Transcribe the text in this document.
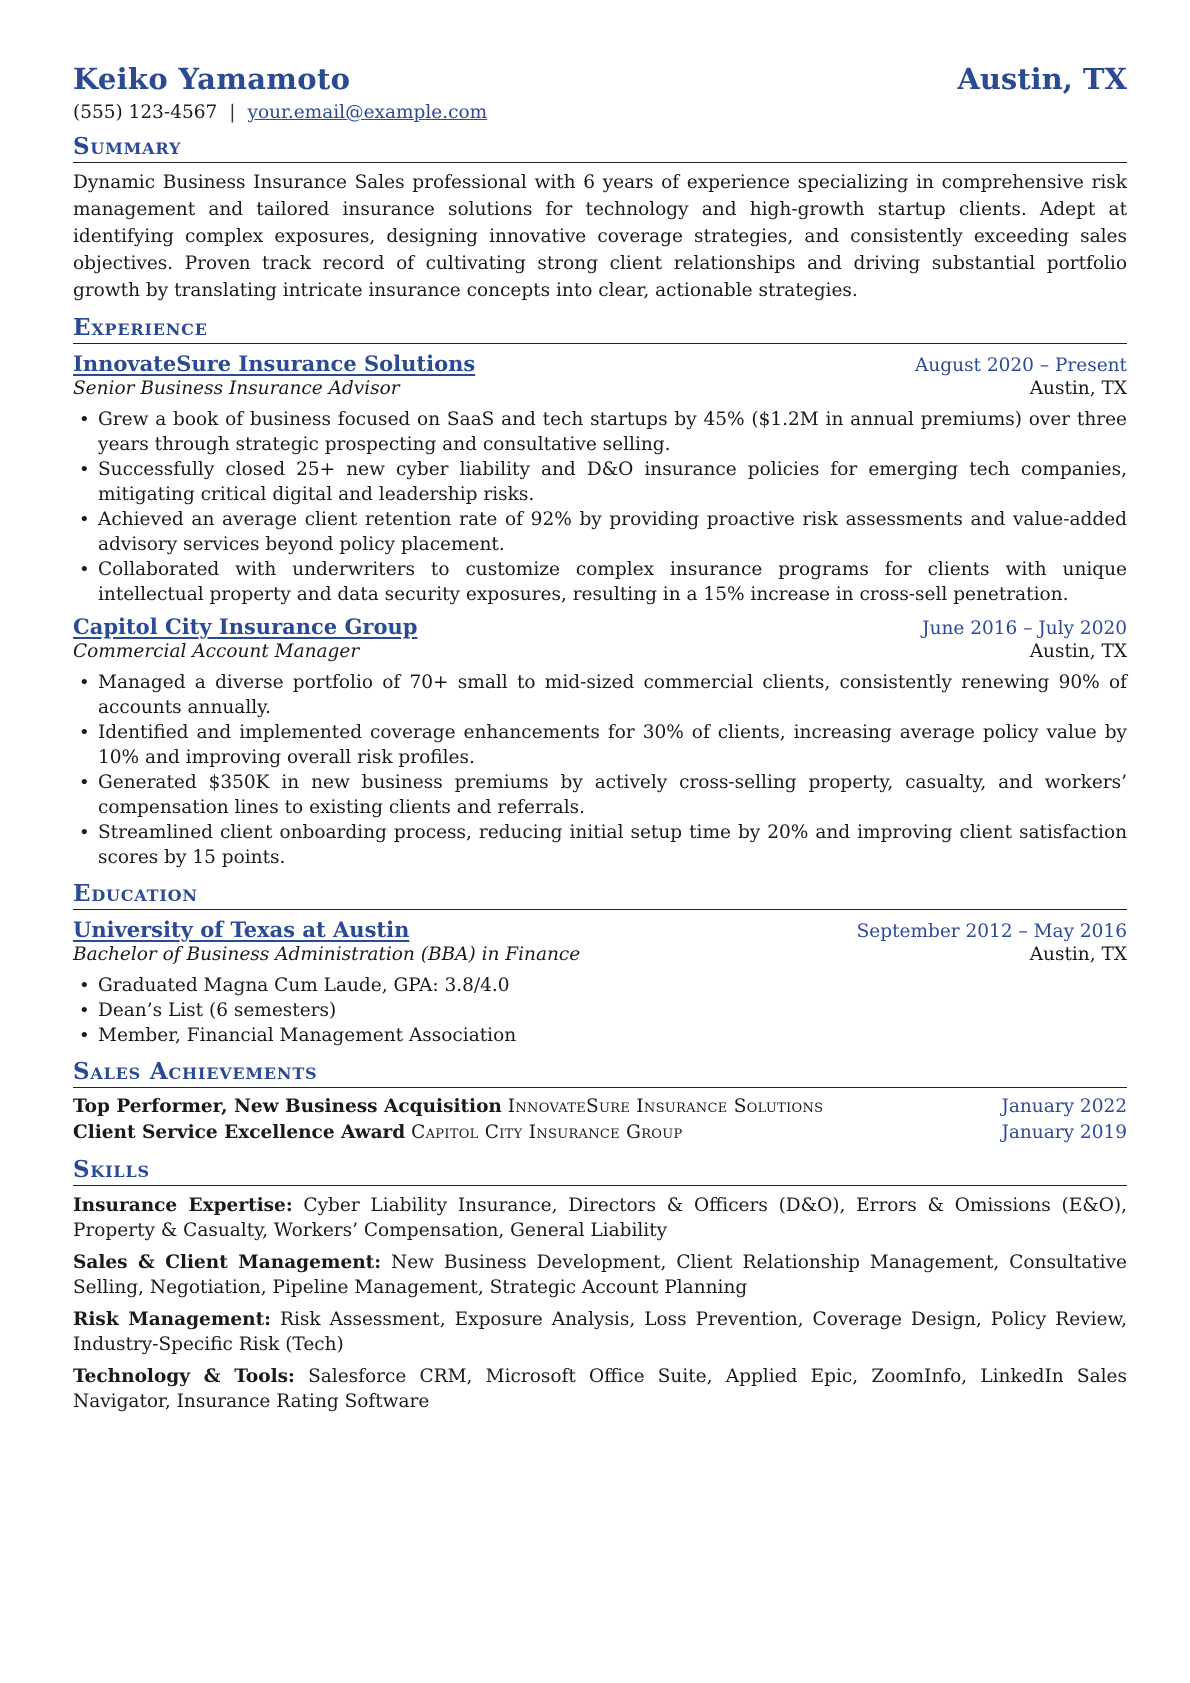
Keiko Yamamoto	Austin, TX
(555) 123-4567 | your.email@example.com
Summary
Dynamic Business Insurance Sales professional with 6 years of experience specializing in comprehensive risk management and tailored insurance solutions for technology and high-growth startup clients. Adept at identifying complex exposures, designing innovative coverage strategies, and consistently exceeding sales objectives. Proven track record of cultivating strong client relationships and driving substantial portfolio growth by translating intricate insurance concepts into clear, actionable strategies.
Experience
InnovateSure Insurance Solutions	August 2020 – Present
Senior Business Insurance Advisor	Austin, TX
• Grew a book of business focused on SaaS and tech startups by 45% ($1.2M in annual premiums) over three years through strategic prospecting and consultative selling.
• Successfully closed 25+ new cyber liability and D&O insurance policies for emerging tech companies, mitigating critical digital and leadership risks.
• Achieved an average client retention rate of 92% by providing proactive risk assessments and value-added advisory services beyond policy placement.
• Collaborated with underwriters to customize complex insurance programs for clients with unique intellectual property and data security exposures, resulting in a 15% increase in cross-sell penetration.
Capitol City Insurance Group	June 2016 – July 2020
Commercial Account Manager	Austin, TX
• Managed a diverse portfolio of 70+ small to mid-sized commercial clients, consistently renewing 90% of accounts annually.
• Identified and implemented coverage enhancements for 30% of clients, increasing average policy value by 10% and improving overall risk profiles.
• Generated $350K in new business premiums by actively cross-selling property, casualty, and workers’ compensation lines to existing clients and referrals.
• Streamlined client onboarding process, reducing initial setup time by 20% and improving client satisfaction scores by 15 points.
Education
University of Texas at Austin	September 2012 – May 2016
Bachelor of Business Administration (BBA) in Finance	Austin, TX
• Graduated Magna Cum Laude, GPA: 3.8/4.0
• Dean’s List (6 semesters)
• Member, Financial Management Association
Sales Achievements
Top Performer, New Business Acquisition InnovateSure Insurance Solutions	January 2022
Client Service Excellence Award Capitol City Insurance Group	January 2019
Skills
Insurance Expertise: Cyber Liability Insurance, Directors & Officers (D&O), Errors & Omissions (E&O), Property & Casualty, Workers’ Compensation, General Liability
Sales & Client Management: New Business Development, Client Relationship Management, Consultative Selling, Negotiation, Pipeline Management, Strategic Account Planning
Risk Management: Risk Assessment, Exposure Analysis, Loss Prevention, Coverage Design, Policy Review, Industry-Specific Risk (Tech)
Technology & Tools: Salesforce CRM, Microsoft Office Suite, Applied Epic, ZoomInfo, LinkedIn Sales Navigator, Insurance Rating Software
